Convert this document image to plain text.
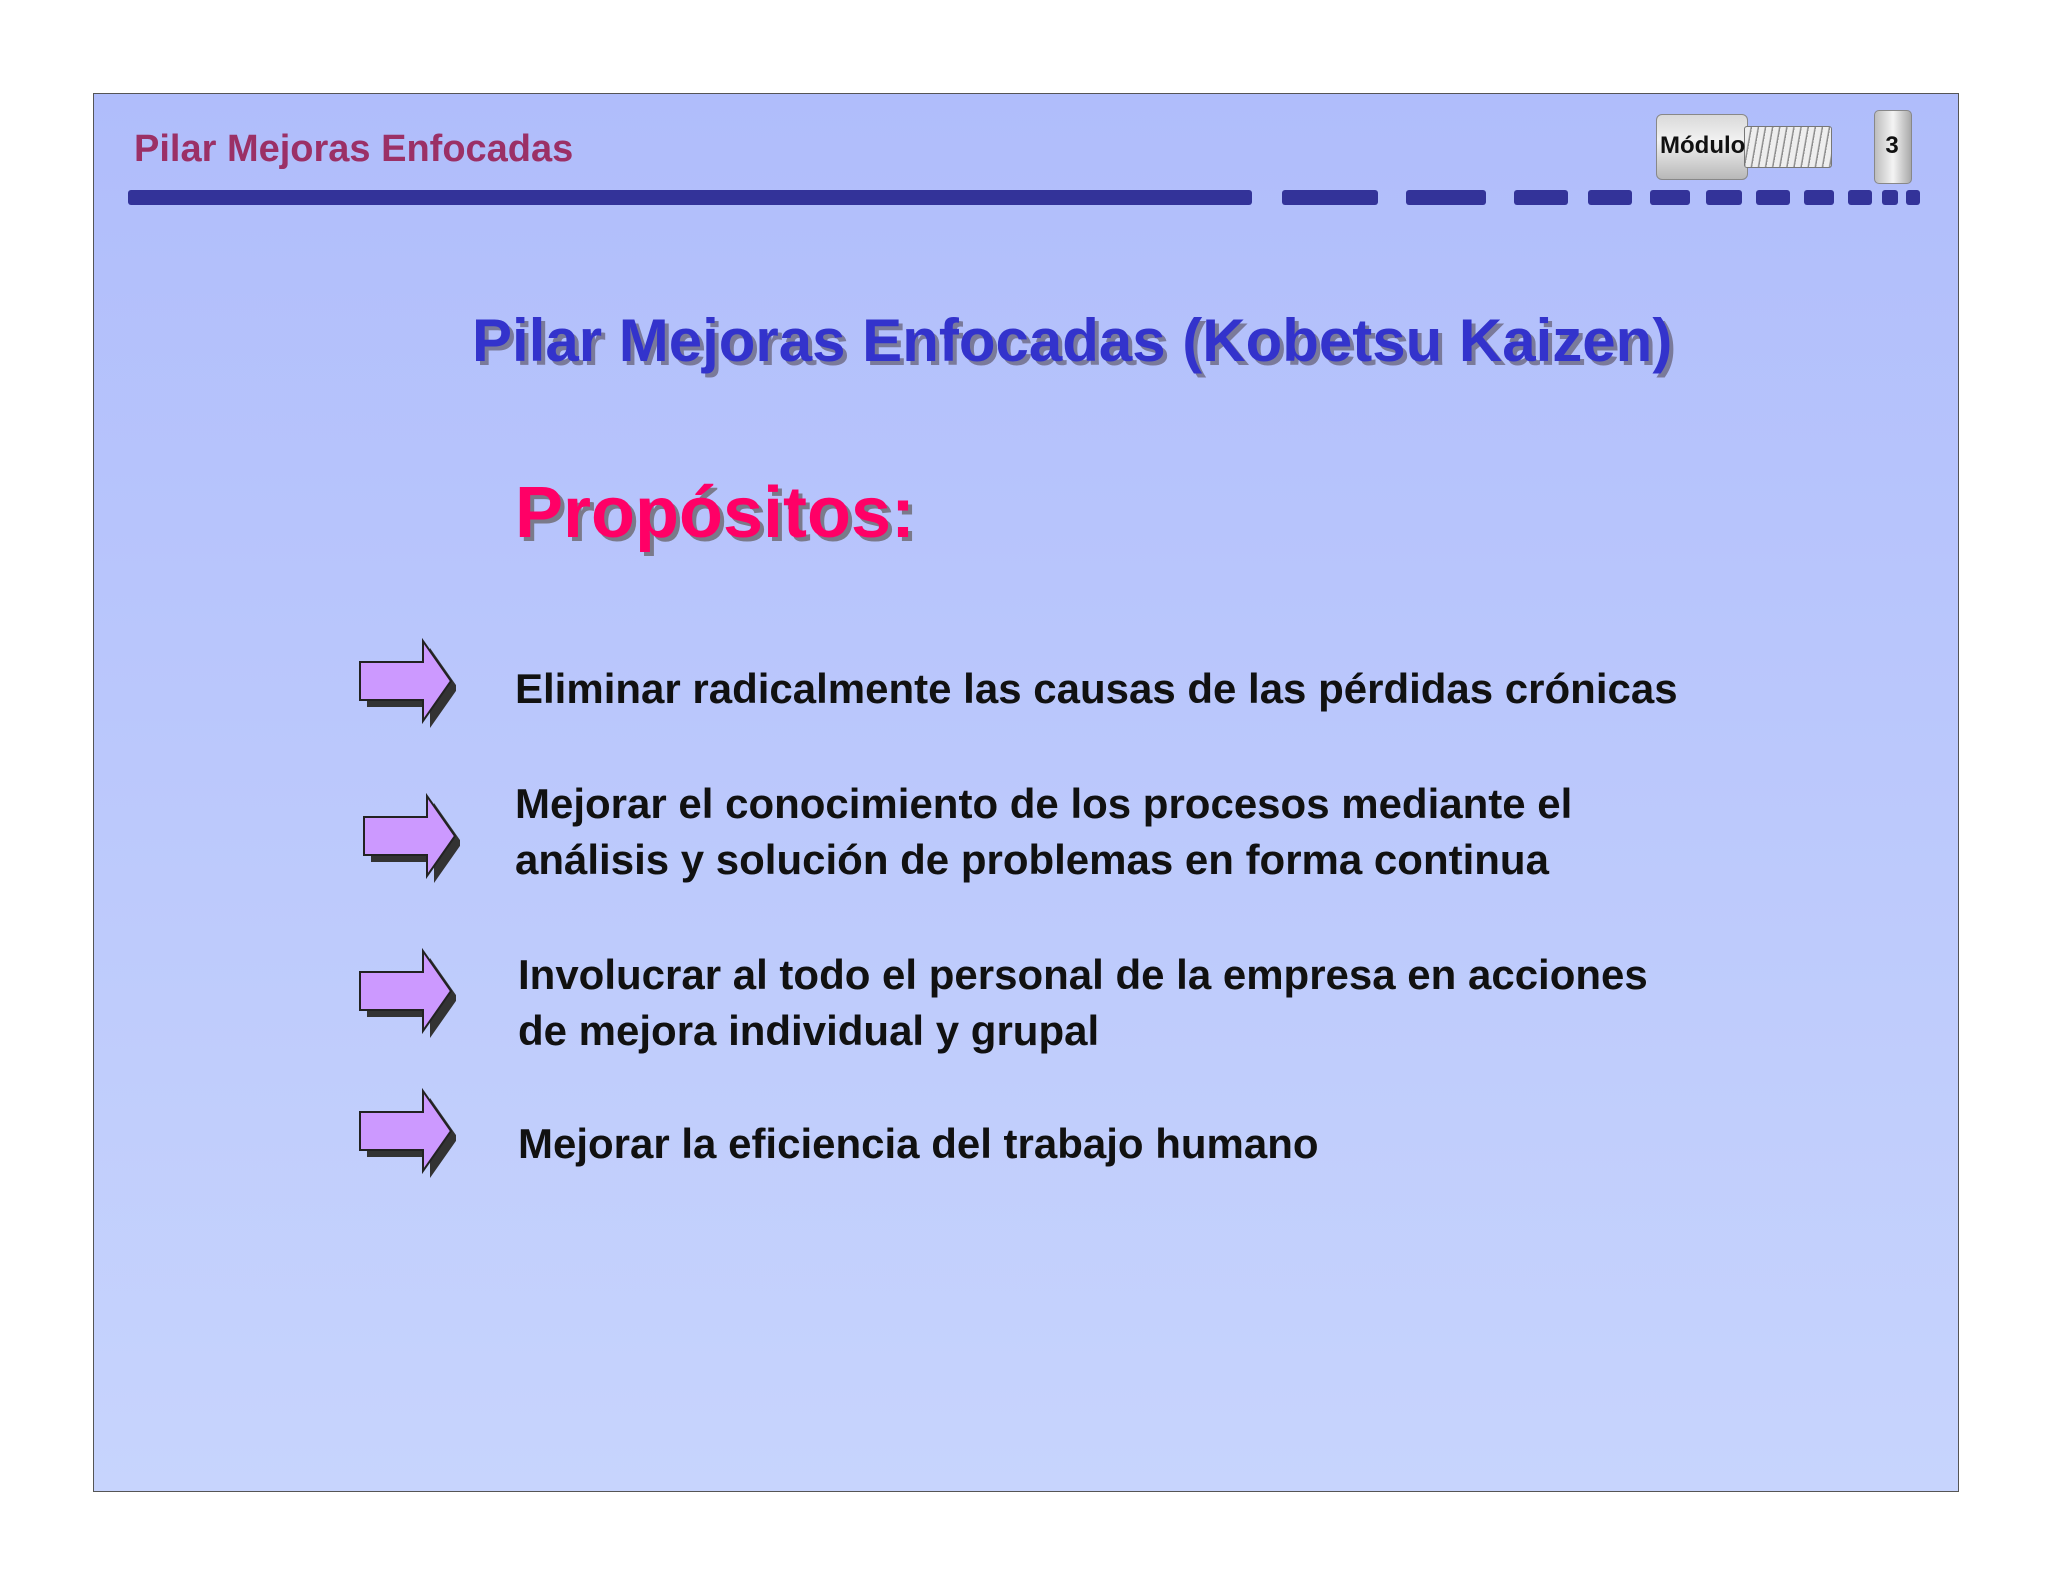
Pilar Mejoras Enfocadas	Módulo	3
Pilar Mejoras Enfocadas (Kobetsu Kaizen)
Propósitos:
Eliminar radicalmente las causas de las pérdidas crónicas
Mejorar el conocimiento de los procesos mediante el
análisis y solución de problemas en forma continua
Involucrar al todo el personal de la empresa en acciones
de mejora individual y grupal
Mejorar la eficiencia del trabajo humano
